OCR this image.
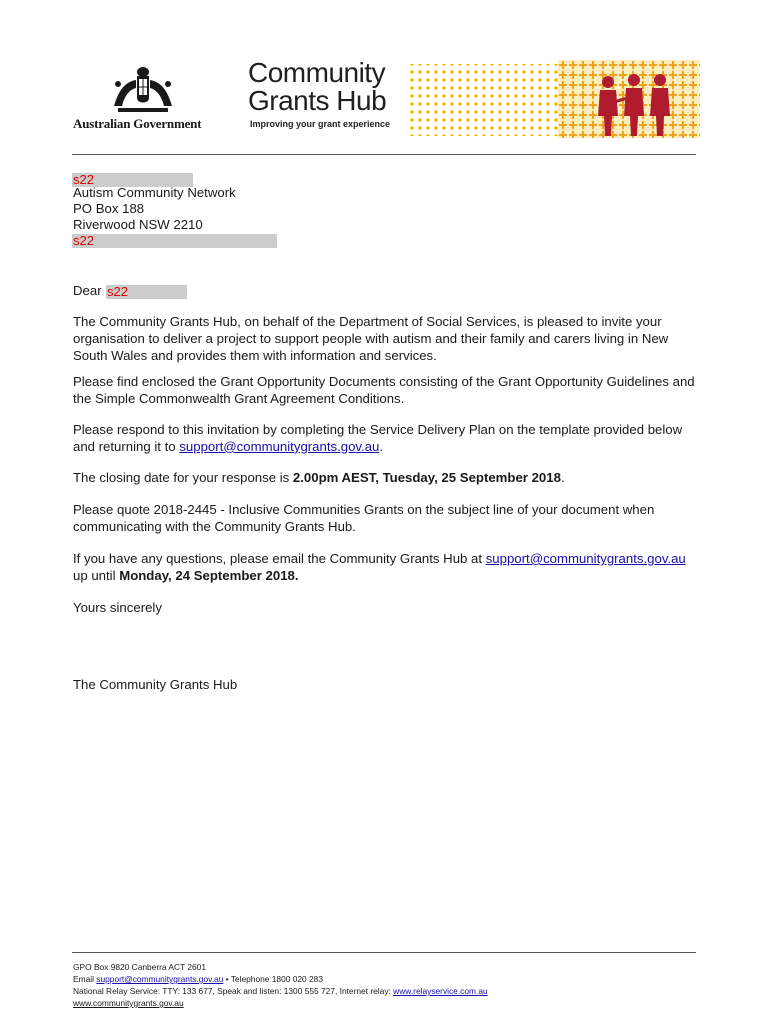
Australian Government
Community
Grants Hub
Improving your grant experience
s22
Autism Community Network
PO Box 188
Riverwood NSW 2210
s22
Dear s22
The Community Grants Hub, on behalf of the Department of Social Services, is pleased to invite your organisation to deliver a project to support people with autism and their family and carers living in New South Wales and provides them with information and services.
Please find enclosed the Grant Opportunity Documents consisting of the Grant Opportunity Guidelines and the Simple Commonwealth Grant Agreement Conditions.
Please respond to this invitation by completing the Service Delivery Plan on the template provided below and returning it to support@communitygrants.gov.au.
The closing date for your response is 2.00pm AEST, Tuesday, 25 September 2018.
Please quote 2018-2445 - Inclusive Communities Grants on the subject line of your document when communicating with the Community Grants Hub.
If you have any questions, please email the Community Grants Hub at support@communitygrants.gov.au up until Monday, 24 September 2018.
Yours sincerely
The Community Grants Hub
GPO Box 9820 Canberra ACT 2601
Email support@communitygrants.gov.au • Telephone 1800 020 283
National Relay Service: TTY: 133 677, Speak and listen: 1300 555 727, Internet relay: www.relayservice.com.au
www.communitygrants.gov.au
